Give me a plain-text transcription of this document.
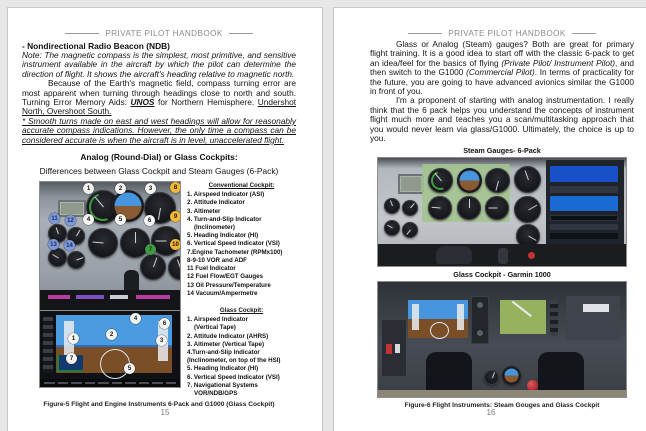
PRIVATE PILOT HANDBOOK
- Nondirectional Radio Beacon (NDB)

Note: The magnetic compass is the simplest, most primitive, and sensitive instrument available in the aircraft by which the pilot can determine the direction of flight. It shows the aircraft's heading relative to magnetic north.

Because of the Earth's magnetic field, compass turning error are most apparent when turning through headings close to north and south. Turning Error Memory Aids: UNOS for Northern Hemisphere. Undershot North, Overshoot South.

* Smooth turns made on east and west headings will allow for reasonably accurate compass indications. However, the only time a compass can be considered accurate is when the aircraft is in level, unaccelerated flight.

Analog (Round-Dial) or Glass Cockpits:
Differences between Glass Cockpit and Steam Gauges (6-Pack)
1	2	3
4	5	6
7
8
9
10
11	12
13	14
1
2
3
4
5
6
7
Conventional Cockpit:
1. Airspeed Indicator (ASI)
2. Attitude Indicator
3. Altimeter
4. Turn-and-Slip Indicator
(Inclinometer)
5. Heading Indicator (HI)
6. Vertical Speed Indicator (VSI)
7.Engine Tachometer (RPMx100)
8-9-10 VOR and ADF
11 Fuel Indicator
12 Fuel Flow/EGT Gauges
13 Oil Pressure/Temperature
14 Vacuum/Ampermetre
Glass Cockpit:
1. Airspeed Indicator
(Vertical Tape)
2. Attitude Indicator (AHRS)
3. Altimeter (Vertical Tape)
4.Turn-and-Slip Indicator
(Inclinometer, on top of the HSI)
5. Heading Indicator (HI)
6. Vertical Speed Indicator (VSI)
7. Navigational Systems
VOR/NDB/GPS
Figure-5 Flight and Engine Instruments 6-Pack and G1000 (Glass Cockpit)
15
PRIVATE PILOT HANDBOOK

Glass or Analog (Steam) gauges? Both are great for primary flight training. It is a good idea to start off with the classic 6-pack to get an idea/feel for the basics of flying (Private Pilot/ Instrument Pilot), and then switch to the G1000 (Commercial Pilot). In terms of practicality for the future, you are going to have advanced avionics similar the G1000 in front of you.

I'm a proponent of starting with analog instrumentation. I really think that the 6 pack helps you understand the concepts of instrument flight much more and teaches you a scan/multitasking approach that you would never learn via glass/G1000. Ultimately, the choice is up to you.

Steam Gauges- 6-Pack
Glass Cockpit - Garmin 1000
Figure-6 Flight Instruments: Steam Gouges and Glass Cockpit
16
